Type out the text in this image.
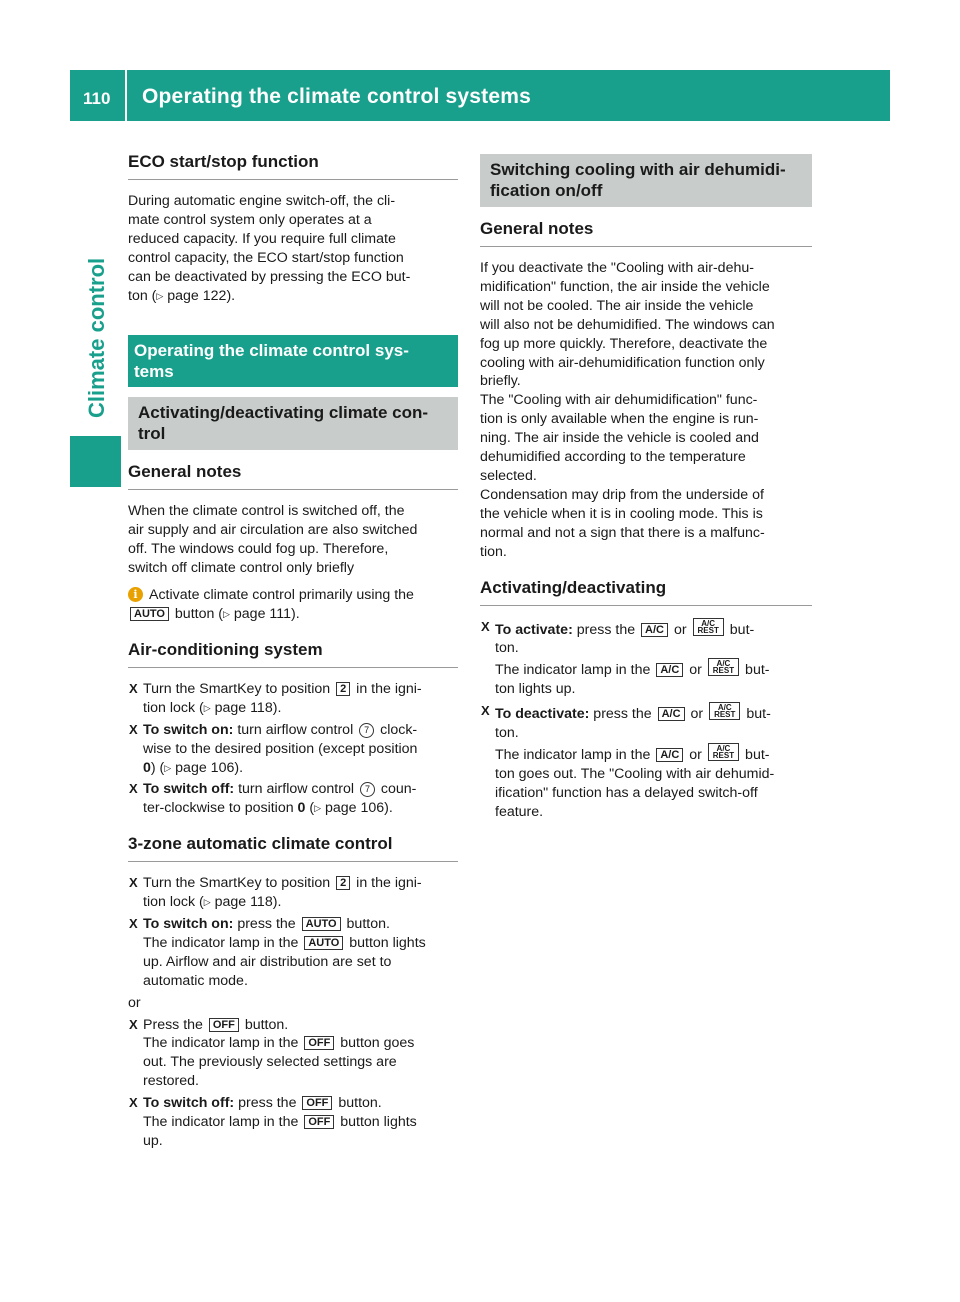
110 Operating the climate control systems
Climate control
ECO start/stop function
During automatic engine switch-off, the cli-
mate control system only operates at a
reduced capacity. If you require full climate
control capacity, the ECO start/stop function
can be deactivated by pressing the ECO but-
ton (▷ page 122).
Operating the climate control sys-
tems
Activating/deactivating climate con-
trol
General notes
When the climate control is switched off, the
air supply and air circulation are also switched
off. The windows could fog up. Therefore,
switch off climate control only briefly
i Activate climate control primarily using the
AUTO button (▷ page 111).
Air-conditioning system
X Turn the SmartKey to position 2 in the igni-
tion lock (▷ page 118).
X To switch on: turn airflow control 7 clock-
wise to the desired position (except position
0) (▷ page 106).
X To switch off: turn airflow control 7 coun-
ter-clockwise to position 0 (▷ page 106).
3-zone automatic climate control
X Turn the SmartKey to position 2 in the igni-
tion lock (▷ page 118).
X To switch on: press the AUTO button.
The indicator lamp in the AUTO button lights
up. Airflow and air distribution are set to
automatic mode.
or
X Press the OFF button.
The indicator lamp in the OFF button goes
out. The previously selected settings are
restored.
X To switch off: press the OFF button.
The indicator lamp in the OFF button lights
up.
Switching cooling with air dehumidi-
fication on/off
General notes
If you deactivate the "Cooling with air-dehu-
midification" function, the air inside the vehicle
will not be cooled. The air inside the vehicle
will also not be dehumidified. The windows can
fog up more quickly. Therefore, deactivate the
cooling with air-dehumidification function only
briefly.
The "Cooling with air dehumidification" func-
tion is only available when the engine is run-
ning. The air inside the vehicle is cooled and
dehumidified according to the temperature
selected.
Condensation may drip from the underside of
the vehicle when it is in cooling mode. This is
normal and not a sign that there is a malfunc-
tion.
Activating/deactivating
X To activate: press the A/C or A/C
REST but-
ton.
The indicator lamp in the A/C or A/C
REST but-
ton lights up.
X To deactivate: press the A/C or A/C
REST but-
ton.
The indicator lamp in the A/C or A/C
REST but-
ton goes out. The "Cooling with air dehumid-
ification" function has a delayed switch-off
feature.
